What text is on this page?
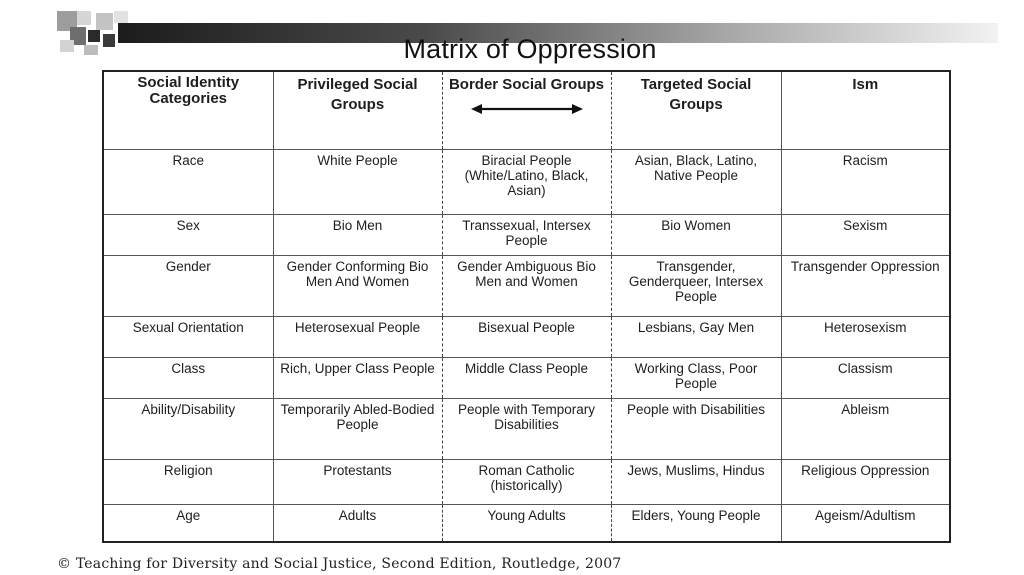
Matrix of Oppression
Social Identity Categories	Privileged Social Groups	Border Social Groups	Targeted Social Groups	Ism
Race	White People	Biracial People (White/Latino, Black, Asian)	Asian, Black, Latino, Native People	Racism
Sex	Bio Men	Transsexual, Intersex People	Bio Women	Sexism
Gender	Gender Conforming Bio Men And Women	Gender Ambiguous Bio Men and Women	Transgender, Genderqueer, Intersex People	Transgender Oppression
Sexual Orientation	Heterosexual People	Bisexual People	Lesbians, Gay Men	Heterosexism
Class	Rich, Upper Class People	Middle Class People	Working Class, Poor People	Classism
Ability/Disability	Temporarily Abled-Bodied People	People with Temporary Disabilities	People with Disabilities	Ableism
Religion	Protestants	Roman Catholic (historically)	Jews, Muslims, Hindus	Religious Oppression
Age	Adults	Young Adults	Elders, Young People	Ageism/Adultism
© Teaching for Diversity and Social Justice, Second Edition, Routledge, 2007
